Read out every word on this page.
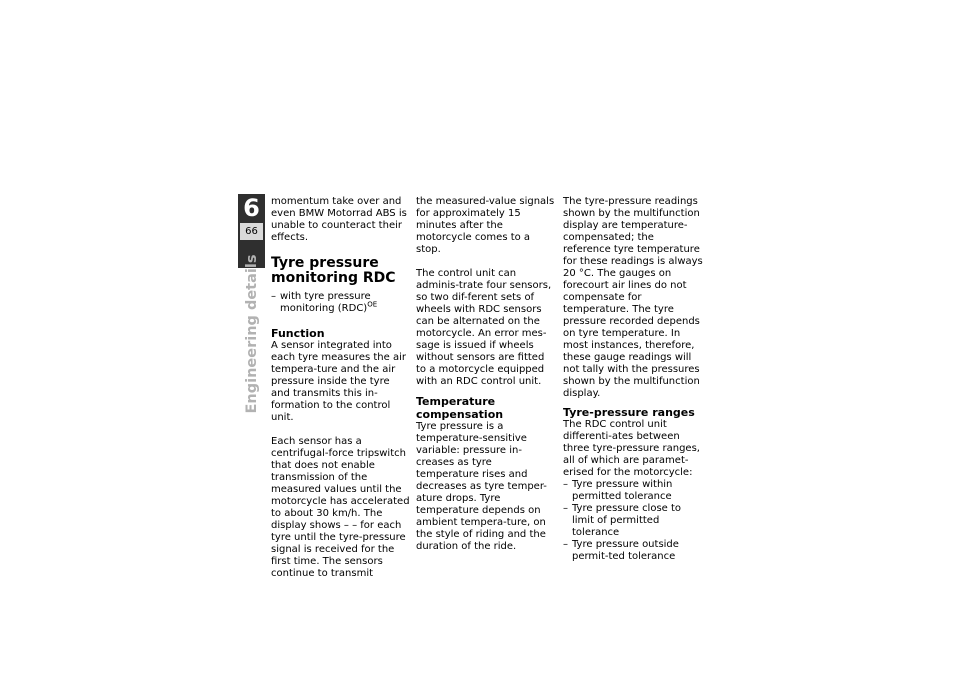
6
66
Engineering details

momentum take over and even BMW Motorrad ABS is unable to counteract their effects.

Tyre pressure monitoring RDC
– with tyre pressure monitoring (RDC)$^{OE}$
Function

A sensor integrated into each tyre measures the air tempera-ture and the air pressure inside the tyre and transmits this in-formation to the control unit.

Each sensor has a centrifugal-force tripswitch that does not enable transmission of the measured values until the motorcycle has accelerated to about 30 km/h. The display shows – – for each tyre until the tyre-pressure signal is received for the first time. The sensors continue to transmit

the measured-value signals for approximately 15 minutes after the motorcycle comes to a stop.

The control unit can adminis-trate four sensors, so two dif-ferent sets of wheels with RDC sensors can be alternated on the motorcycle. An error mes-sage is issued if wheels without sensors are fitted to a motorcycle equipped with an RDC control unit.

Temperature compensation

Tyre pressure is a temperature-sensitive variable: pressure in-creases as tyre temperature rises and decreases as tyre temper-ature drops. Tyre temperature depends on ambient tempera-ture, on the style of riding and the duration of the ride.

The tyre-pressure readings shown by the multifunction display are temperature-compensated; the reference tyre temperature for these readings is always 20 °C. The gauges on forecourt air lines do not compensate for temperature. The tyre pressure recorded depends on tyre temperature. In most instances, therefore, these gauge readings will not tally with the pressures shown by the multifunction display.

Tyre-pressure ranges

The RDC control unit differenti-ates between three tyre-pressure ranges, all of which are paramet-erised for the motorcycle:

– Tyre pressure within permitted tolerance
– Tyre pressure close to limit of permitted tolerance
– Tyre pressure outside permit-ted tolerance
